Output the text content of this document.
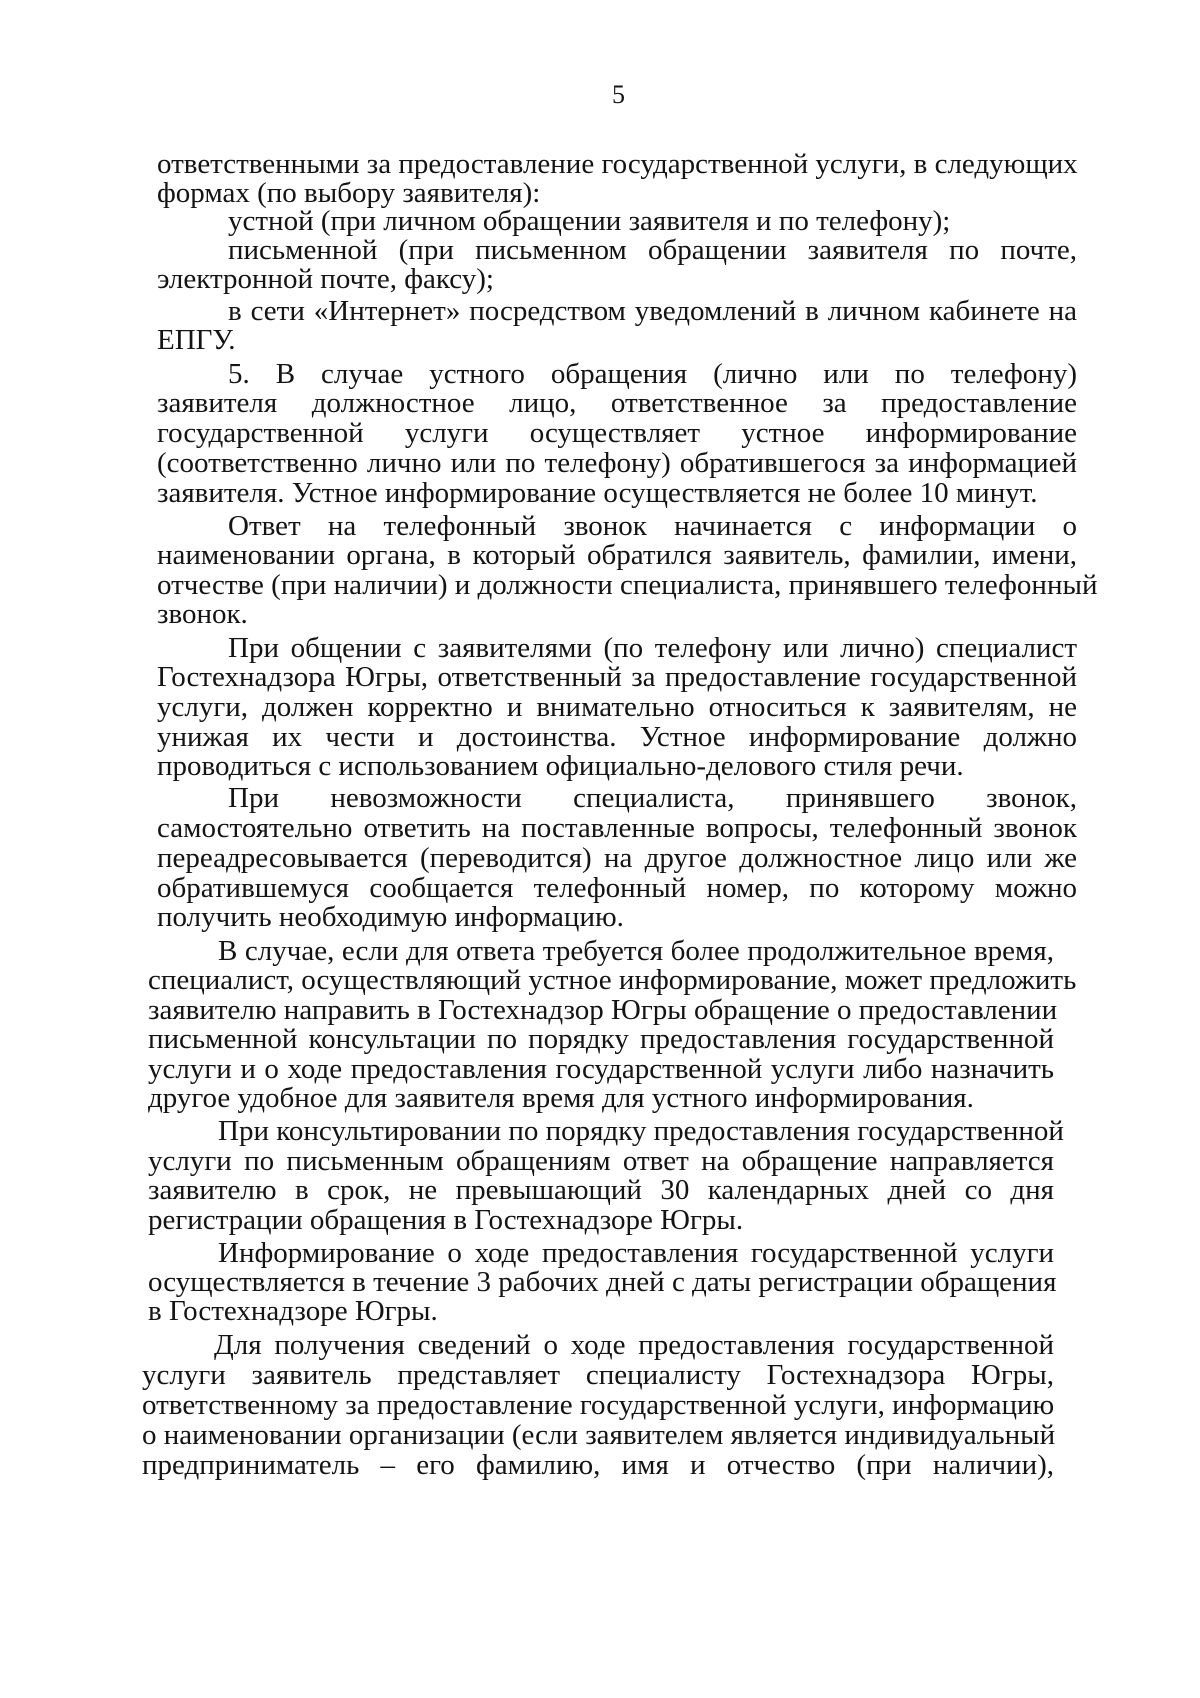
5
ответственными за предоставление государственной услуги, в следующих
формах (по выбору заявителя):
устной (при личном обращении заявителя и по телефону);
письменной (при письменном обращении заявителя по почте,
электронной почте, факсу);
в сети «Интернет» посредством уведомлений в личном кабинете на
ЕПГУ.
5. В случае устного обращения (лично или по телефону)
заявителя должностное лицо, ответственное за предоставление
государственной услуги осуществляет устное информирование
(соответственно лично или по телефону) обратившегося за информацией
заявителя. Устное информирование осуществляется не более 10 минут.
Ответ на телефонный звонок начинается с информации о
наименовании органа, в который обратился заявитель, фамилии, имени,
отчестве (при наличии) и должности специалиста, принявшего телефонный
звонок.
При общении с заявителями (по телефону или лично) специалист
Гостехнадзора Югры, ответственный за предоставление государственной
услуги, должен корректно и внимательно относиться к заявителям, не
унижая их чести и достоинства. Устное информирование должно
проводиться с использованием официально-делового стиля речи.
При невозможности специалиста, принявшего звонок,
самостоятельно ответить на поставленные вопросы, телефонный звонок
переадресовывается (переводится) на другое должностное лицо или же
обратившемуся сообщается телефонный номер, по которому можно
получить необходимую информацию.
В случае, если для ответа требуется более продолжительное время,
специалист, осуществляющий устное информирование, может предложить
заявителю направить в Гостехнадзор Югры обращение о предоставлении
письменной консультации по порядку предоставления государственной
услуги и о ходе предоставления государственной услуги либо назначить
другое удобное для заявителя время для устного информирования.
При консультировании по порядку предоставления государственной
услуги по письменным обращениям ответ на обращение направляется
заявителю в срок, не превышающий 30 календарных дней со дня
регистрации обращения в Гостехнадзоре Югры.
Информирование о ходе предоставления государственной услуги
осуществляется в течение 3 рабочих дней с даты регистрации обращения
в Гостехнадзоре Югры.
Для получения сведений о ходе предоставления государственной
услуги заявитель представляет специалисту Гостехнадзора Югры,
ответственному за предоставление государственной услуги, информацию
о наименовании организации (если заявителем является индивидуальный
предприниматель – его фамилию, имя и отчество (при наличии),
